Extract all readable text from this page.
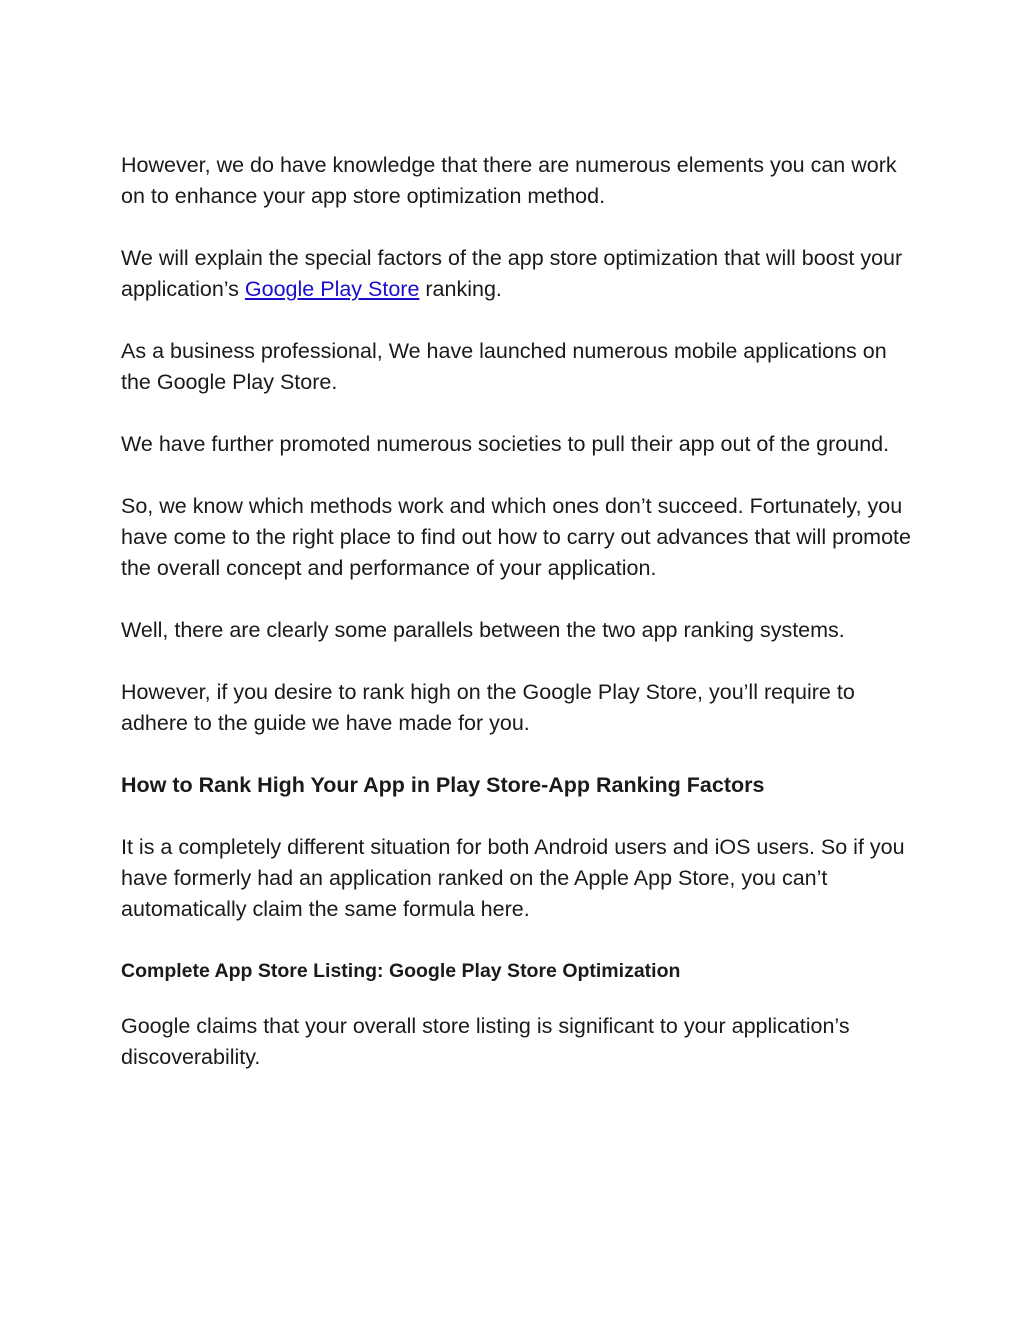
However, we do have knowledge that there are numerous elements you can work on to enhance your app store optimization method.

We will explain the special factors of the app store optimization that will boost your application’s Google Play Store ranking.

As a business professional, We have launched numerous mobile applications on the Google Play Store.

We have further promoted numerous societies to pull their app out of the ground.

So, we know which methods work and which ones don’t succeed. Fortunately, you have come to the right place to find out how to carry out advances that will promote the overall concept and performance of your application.

Well, there are clearly some parallels between the two app ranking systems.

However, if you desire to rank high on the Google Play Store, you’ll require to adhere to the guide we have made for you.

How to Rank High Your App in Play Store-App Ranking Factors

It is a completely different situation for both Android users and iOS users. So if you have formerly had an application ranked on the Apple App Store, you can’t automatically claim the same formula here.

Complete App Store Listing: Google Play Store Optimization

Google claims that your overall store listing is significant to your application’s discoverability.
